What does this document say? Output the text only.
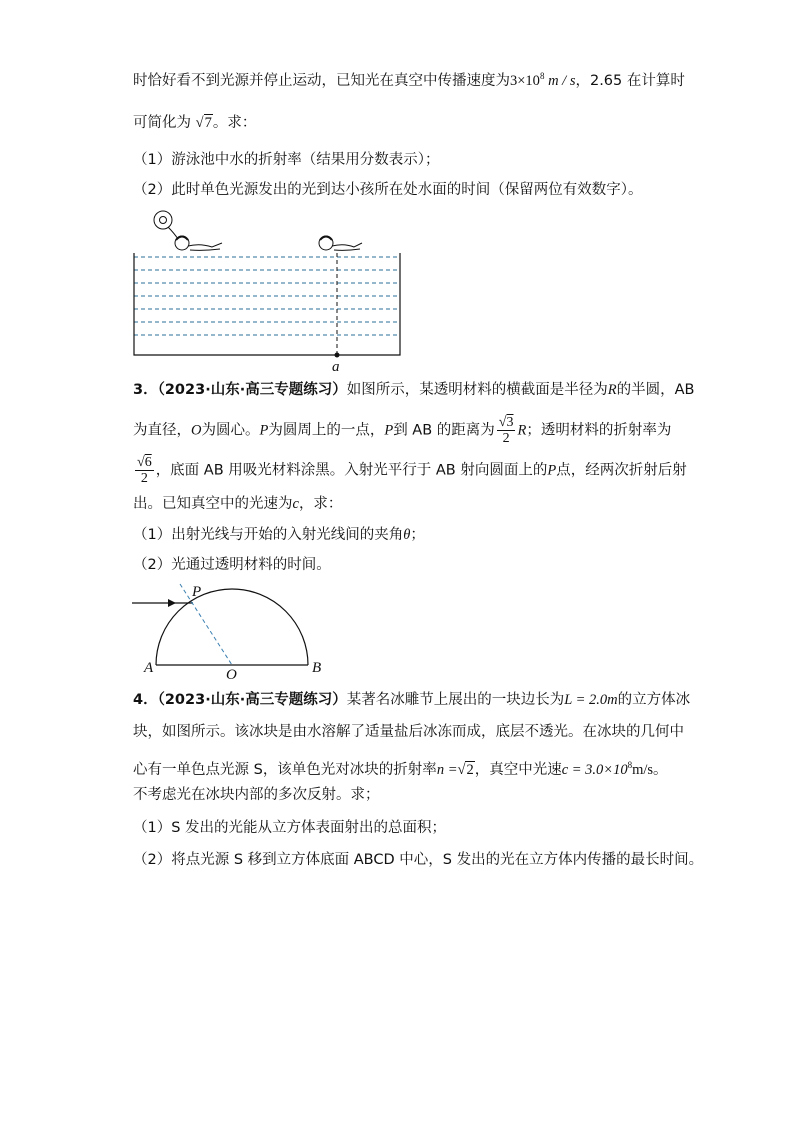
时恰好看不到光源并停止运动，已知光在真空中传播速度为$3\times 10^8$ m / s，2.65 在计算时
可简化为 √7。求：
（1）游泳池中水的折射率（结果用分数表示）；
（2）此时单色光源发出的光到达小孩所在处水面的时间（保留两位有效数字）。
a
3．（2023·山东·高三专题练习）如图所示，某透明材料的横截面是半径为R的半圆，AB
为直径，O为圆心。P为圆周上的一点，P到 AB 的距离为 $\frac{√3}{2}$ R；透明材料的折射率为
$\frac{√6}{2}$ ，底面 AB 用吸光材料涂黑。入射光平行于 AB 射向圆面上的P点，经两次折射后射
出。已知真空中的光速为c，求：
（1）出射光线与开始的入射光线间的夹角θ；
（2）光通过透明材料的时间。
P
A	O	B
4．（2023·山东·高三专题练习）某著名冰雕节上展出的一块边长为L = 2.0m的立方体冰
块，如图所示。该冰块是由水溶解了适量盐后冰冻而成，底层不透光。在冰块的几何中
心有一单色点光源 S，该单色光对冰块的折射率n =√2，真空中光速$c = 3.0\times 10^8m/s$。
不考虑光在冰块内部的多次反射。求；
（1）S 发出的光能从立方体表面射出的总面积；
（2）将点光源 S 移到立方体底面 ABCD 中心，S 发出的光在立方体内传播的最长时间。
